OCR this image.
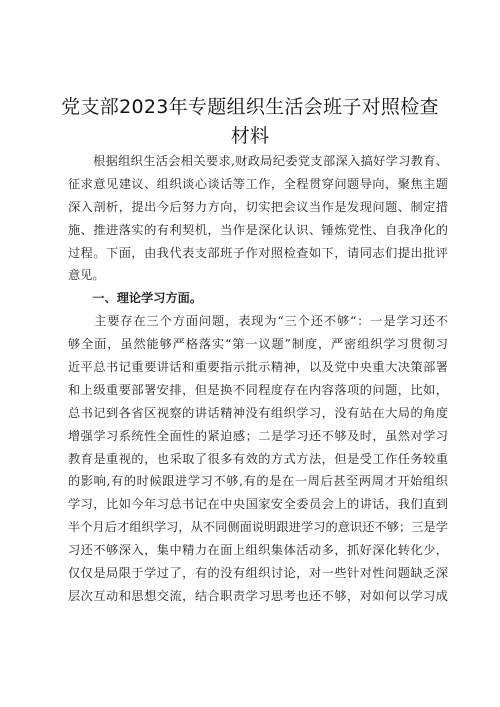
党支部2023年专题组织生活会班子对照检查
材料
　　根据组织生活会相关要求,财政局纪委党支部深入搞好学习教育、
征求意见建议、组织谈心谈话等工作，全程贯穿问题导向，聚焦主题
深入剖析，提出今后努力方向，切实把会议当作是发现问题、制定措
施、推进落实的有利契机，当作是深化认识、锤炼党性、自我净化的
过程。下面，由我代表支部班子作对照检查如下，请同志们提出批评
意见。
　　一、理论学习方面。
　　主要存在三个方面问题，表现为“三个还不够“：一是学习还不
够全面，虽然能够严格落实“第一议题”制度，严密组织学习贯彻习
近平总书记重要讲话和重要指示批示精神，以及党中央重大决策部署
和上级重要部署安排，但是换不同程度存在内容落项的问题，比如，
总书记到各省区视察的讲话精神没有组织学习，没有站在大局的角度
增强学习系统性全面性的紧迫感；二是学习还不够及时，虽然对学习
教育是重视的，也采取了很多有效的方式方法，但是受工作任务较重
的影响,有的时候跟进学习不够,有的是在一周后甚至两周才开始组织
学习，比如今年习总书记在中央国家安全委员会上的讲话，我们直到
半个月后才组织学习，从不同侧面说明跟进学习的意识还不够；三是学
习还不够深入，集中精力在面上组织集体活动多，抓好深化转化少，
仅仅是局限于学过了，有的没有组织讨论，对一些针对性问题缺乏深
层次互动和思想交流，结合职责学习思考也还不够，对如何以学习成
